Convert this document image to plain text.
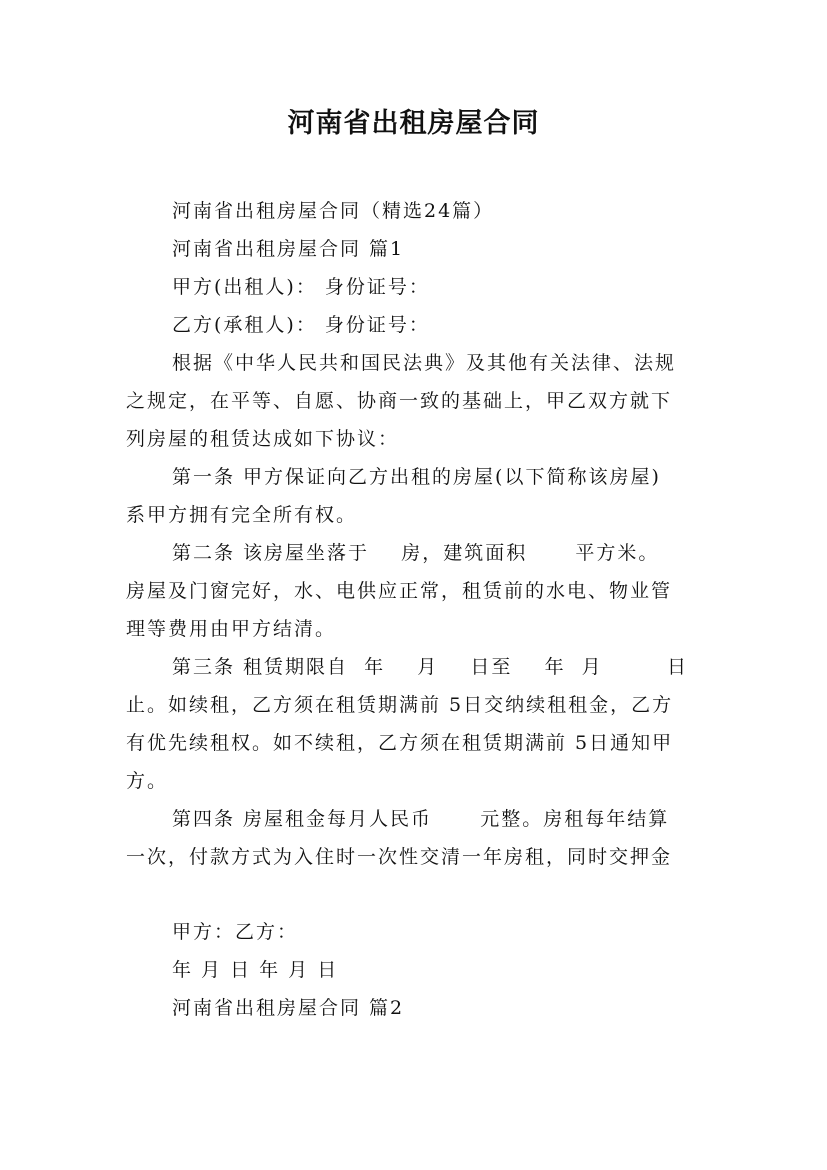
河南省出租房屋合同
河南省出租房屋合同（精选24篇）
河南省出租房屋合同 篇1
甲方(出租人)： 身份证号：
乙方(承租人)： 身份证号：
根据《中华人民共和国民法典》及其他有关法律、法规
之规定，在平等、自愿、协商一致的基础上，甲乙双方就下
列房屋的租赁达成如下协议：
第一条 甲方保证向乙方出租的房屋(以下简称该房屋)
系甲方拥有完全所有权。
第二条 该房屋坐落于    房，建筑面积      平方米。
房屋及门窗完好，水、电供应正常，租赁前的水电、物业管
理等费用由甲方结清。
第三条 租赁期限自  年    月    日至    年  月        日
止。如续租，乙方须在租赁期满前 5日交纳续租租金，乙方
有优先续租权。如不续租，乙方须在租赁期满前 5日通知甲
方。
第四条 房屋租金每月人民币      元整。房租每年结算
一次，付款方式为入住时一次性交清一年房租，同时交押金
甲方：乙方：
年 月 日 年 月 日
河南省出租房屋合同 篇2
